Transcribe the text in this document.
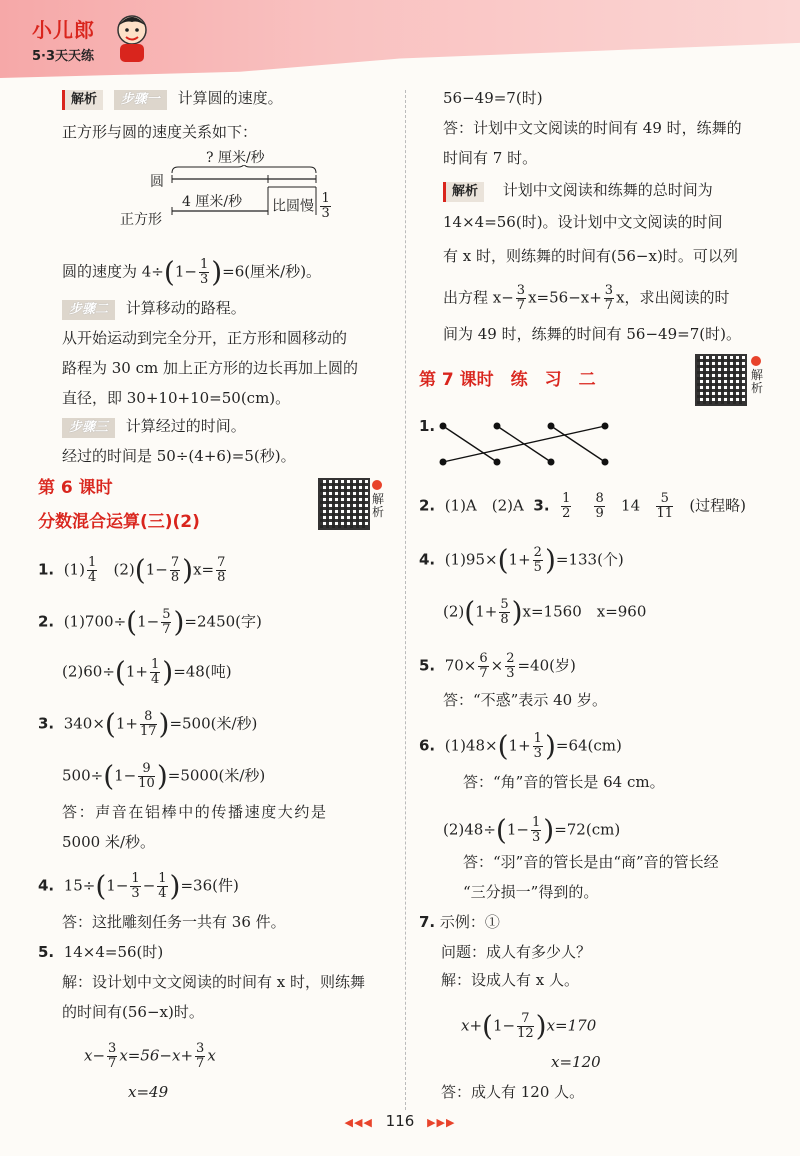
小儿郎
5·3天天练
解析 步骤一 计算圆的速度。
正方形与圆的速度关系如下：
? 厘米/秒
圆
正方形
4 厘米/秒 比圆慢 $\frac{1}{3}$
圆的速度为 $4\div(1- \frac{1}{3} )=6$(厘米/秒)。
步骤二 计算移动的路程。
从开始运动到完全分开，正方形和圆移动的
路程为 30 cm 加上正方形的边长再加上圆的
直径，即 30+10+10=50(cm)。
步骤三 计算经过的时间。
经过的时间是 50÷(4+6)=5(秒)。
第 6 课时
分数混合运算(三)(2)
解析
1. $(1) \frac{1}{4} (2)(1- \frac{7}{8} )x= \frac{7}{8}$
2. $(1)700\div(1- \frac{5}{7} )=2450$(字)
$(2)60\div(1+ \frac{1}{4} )=48$(吨)
3. $340\times(1+ \frac{8}{17} )=500$(米/秒)
$500\div(1- \frac{9}{10} )=5000$(米/秒)
答：声音在铝棒中的传播速度大约是
5000 米/秒。
4. $15\div(1- \frac{1}{3} - \frac{1}{4} )=36$(件)
答：这批雕刻任务一共有 36 件。
5. 14×4=56(时)
解：设计划中文文阅读的时间有 x 时，则练舞
的时间有(56−x)时。
$x- \frac{3}{7} x=56-x+ \frac{3}{7}$ x
x=49
56−49=7(时)
答：计划中文文阅读的时间有 49 时，练舞的
时间有 7 时。
解析 计划中文阅读和练舞的总时间为
14×4=56(时)。设计划中文文阅读的时间
有 x 时，则练舞的时间有(56−x)时。可以列
出方程 $x- \frac{3}{7} x=56-x+ \frac{3}{7}$ x，求出阅读的时
间为 49 时，练舞的时间有 56−49=7(时)。
第 7 课时　练　习　二	解析
1.
2. (1)A　(2)A 3. $\frac{1}{2}$
$\frac{8}{9} 14 \frac{5}{11}$ (过程略)
4. $(1)95\times(1+ \frac{2}{5} )=133$(个)
$(2)(1+ \frac{5}{8} )x=1560$　x=960
5. $70\times \frac{6}{7} \times \frac{2}{3} =40$(岁)
答：“不惑”表示 40 岁。
6. $(1)48\times(1+ \frac{1}{3} )=64(cm)$
答：“角”音的管长是 64 cm。
$(2)48\div(1- \frac{1}{3} )=72(cm)$
答：“羽”音的管长是由“商”音的管长经
“三分损一”得到的。
7. 示例：①
问题：成人有多少人？
解：设成人有 x 人。
$x+(1- \frac{7}{12} )x=170$
x=120
答：成人有 120 人。
◀◀◀ 116 ▶▶▶
